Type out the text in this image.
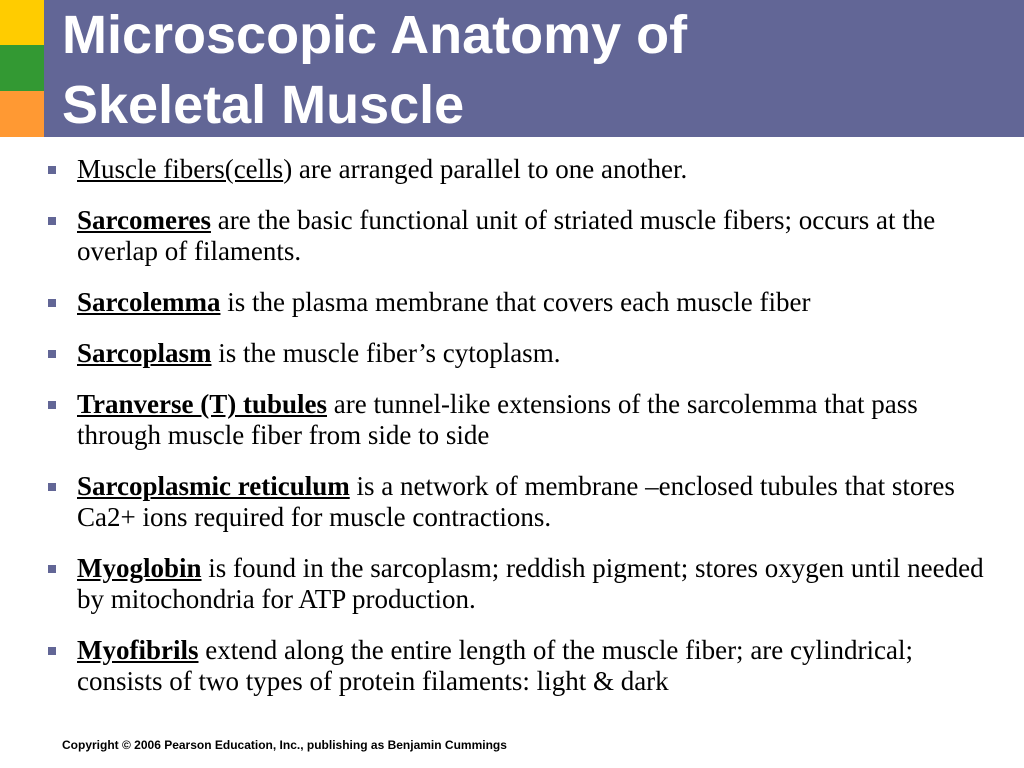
Microscopic Anatomy of
Skeletal Muscle
Muscle fibers(cells) are arranged parallel to one another.
Sarcomeres are the basic functional unit of striated muscle fibers; occurs at the overlap of filaments.
Sarcolemma is the plasma membrane that covers each muscle fiber
Sarcoplasm is the muscle fiber’s cytoplasm.
Tranverse (T) tubules are tunnel-like extensions of the sarcolemma that pass through muscle fiber from side to side
Sarcoplasmic reticulum is a network of membrane –enclosed tubules that stores Ca2+ ions required for muscle contractions.
Myoglobin is found in the sarcoplasm; reddish pigment; stores oxygen until needed by mitochondria for ATP production.
Myofibrils extend along the entire length of the muscle fiber; are cylindrical; consists of two types of protein filaments: light & dark
Copyright © 2006 Pearson Education, Inc., publishing as Benjamin Cummings
